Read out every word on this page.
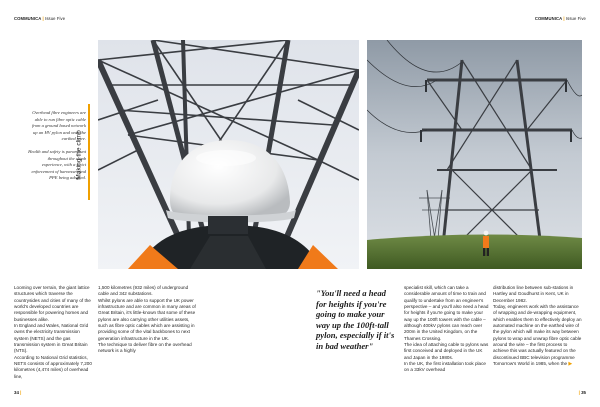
COMMUNICA | Issue Five	COMMUNICA | Issue Five

Overhead fibre engineers are able to run fibre optic cable from a ground based network up an HV pylon and onto the earthed wire.

Health and safety is paramount throughout the climb experience, with a strict enforcement of harnesses and PPE being adopted.

Making the climb
Looming over terrain, the giant lattice structures which traverse the countrysides and cities of many of the world's developed countries are responsible for powering homes and businesses alike.
In England and Wales, National Grid owns the electricity transmission system (NETS) and the gas transmission system in Great Britain (NTS).
According to National Grid statistics, NETS consists of approximately 7,200 kilometres (4,474 miles) of overhead line,
1,500 kilometres (932 miles) of underground cable and 342 substations.
Whilst pylons are able to support the UK power infrastructure and are common in many areas of Great Britain, it's little-known that some of these pylons are also carrying other utilities assets, such as fibre optic cables which are assisting in providing some of the vital backbones to next generation infrastructure in the UK.
The technique to deliver fibre on the overhead network is a highly
"You'll need a head for heights if you're going to make your way up the 100ft-tall pylon, especially if it's in bad weather"
specialist skill, which can take a considerable amount of time to train and qualify to undertake from an engineer's perspective – and you'll also need a head for heights if you're going to make your way up the 100ft towers with the cable – although 400kV pylons can reach over 200m in the United Kingdom, on the Thames Crossing.
The idea of attaching cable to pylons was first conceived and deployed in the UK and Japan in the 1980s.
In the UK, the first installation took place on a 33kV overhead
distribution line between sub-stations in Hartley and Goudhurst in Kent, UK in December 1982.
Today, engineers work with the assistance of wrapping and de-wrapping equipment, which enables them to effectively deploy an automated machine on the earthed wire of the pylon which will make its way between pylons to wrap and unwrap fibre optic cable around the wire – the first process to achieve this was actually featured on the discontinued BBC television programme Tomorrow's World in 1985, when the ▶
34 |	| 35
